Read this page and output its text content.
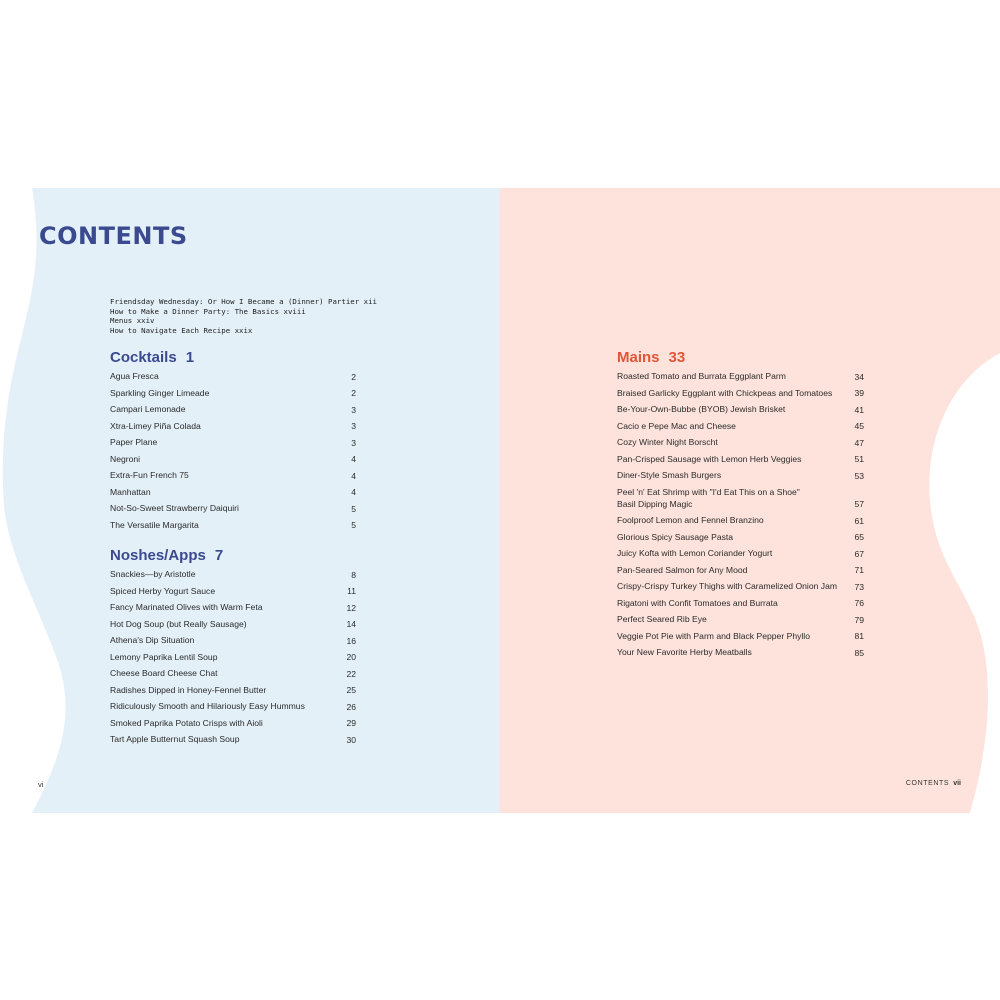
CONTENTS
Friendsday Wednesday: Or How I Became a (Dinner) Partier xii
How to Make a Dinner Party: The Basics xviii
Menus xxiv
How to Navigate Each Recipe xxix
Cocktails 1
Agua Fresca	2
Sparkling Ginger Limeade	2
Campari Lemonade	3
Xtra-Limey Piña Colada	3
Paper Plane	3
Negroni	4
Extra-Fun French 75	4
Manhattan	4
Not-So-Sweet Strawberry Daiquiri	5
The Versatile Margarita	5
Noshes/Apps 7
Snackies—by Aristotle	8
Spiced Herby Yogurt Sauce	11
Fancy Marinated Olives with Warm Feta	12
Hot Dog Soup (but Really Sausage)	14
Athena's Dip Situation	16
Lemony Paprika Lentil Soup	20
Cheese Board Cheese Chat	22
Radishes Dipped in Honey-Fennel Butter	25
Ridiculously Smooth and Hilariously Easy Hummus	26
Smoked Paprika Potato Crisps with Aioli	29
Tart Apple Butternut Squash Soup	30
Mains 33
Roasted Tomato and Burrata Eggplant Parm	34
Braised Garlicky Eggplant with Chickpeas and Tomatoes	39
Be-Your-Own-Bubbe (BYOB) Jewish Brisket	41
Cacio e Pepe Mac and Cheese	45
Cozy Winter Night Borscht	47
Pan-Crisped Sausage with Lemon Herb Veggies	51
Diner-Style Smash Burgers	53
Peel 'n' Eat Shrimp with "I'd Eat This on a Shoe"
Basil Dipping Magic	57
Foolproof Lemon and Fennel Branzino	61
Glorious Spicy Sausage Pasta	65
Juicy Kofta with Lemon Coriander Yogurt	67
Pan-Seared Salmon for Any Mood	71
Crispy-Crispy Turkey Thighs with Caramelized Onion Jam	73
Rigatoni with Confit Tomatoes and Burrata	76
Perfect Seared Rib Eye	79
Veggie Pot Pie with Parm and Black Pepper Phyllo	81
Your New Favorite Herby Meatballs	85
vi	CONTENTS vii
